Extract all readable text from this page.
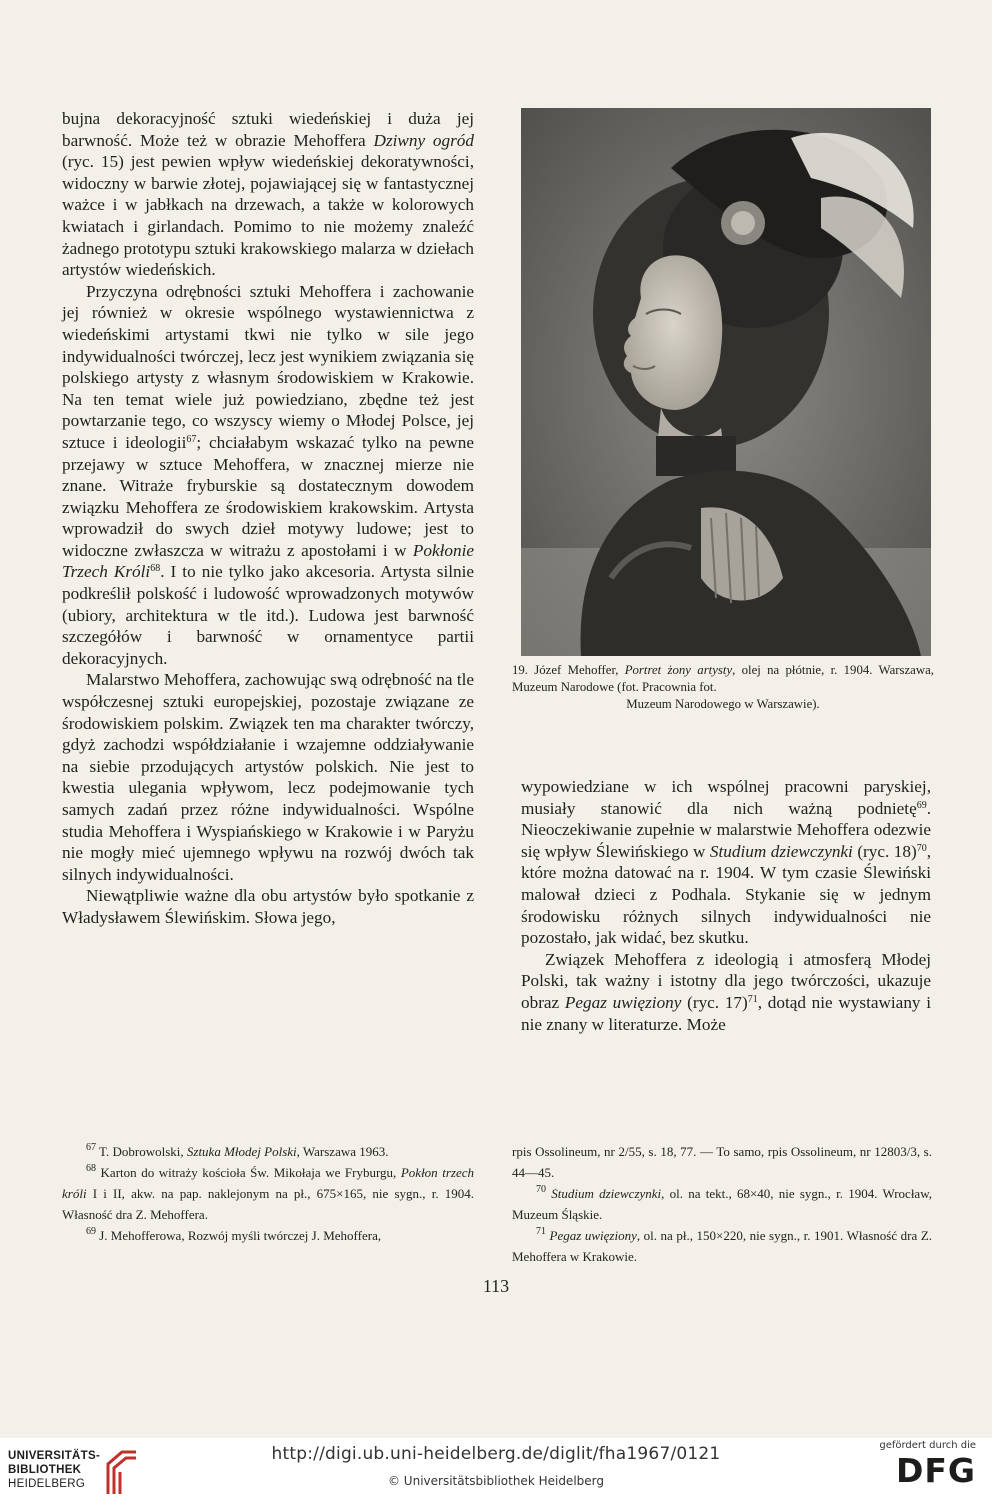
bujna dekoracyjność sztuki wiedeńskiej i duża jej barwność. Może też w obrazie Mehoffera Dziwny ogród (ryc. 15) jest pewien wpływ wiedeńskiej dekoratywności, widoczny w barwie złotej, pojawiającej się w fantastycznej ważce i w jabłkach na drzewach, a także w kolorowych kwiatach i girlandach. Pomimo to nie możemy znaleźć żadnego prototypu sztuki krakowskiego malarza w dziełach artystów wiedeńskich.

Przyczyna odrębności sztuki Mehoffera i zachowanie jej również w okresie wspólnego wystawiennictwa z wiedeńskimi artystami tkwi nie tylko w sile jego indywidualności twórczej, lecz jest wynikiem związania się polskiego artysty z własnym środowiskiem w Krakowie. Na ten temat wiele już powiedziano, zbędne też jest powtarzanie tego, co wszyscy wiemy o Młodej Polsce, jej sztuce i ideologii$^{67}$; chciałabym wskazać tylko na pewne przejawy w sztuce Mehoffera, w znacznej mierze nie znane. Witraże fryburskie są dostatecznym dowodem związku Mehoffera ze środowiskiem krakowskim. Artysta wprowadził do swych dzieł motywy ludowe; jest to widoczne zwłaszcza w witrażu z apostołami i w Pokłonie Trzech Króli$^{68}$. I to nie tylko jako akcesoria. Artysta silnie podkreślił polskość i ludowość wprowadzonych motywów (ubiory, architektura w tle itd.). Ludowa jest barwność szczegółów i barwność w ornamentyce partii dekoracyjnych.

Malarstwo Mehoffera, zachowując swą odrębność na tle współczesnej sztuki europejskiej, pozostaje związane ze środowiskiem polskim. Związek ten ma charakter twórczy, gdyż zachodzi współdziałanie i wzajemne oddziaływanie na siebie przodujących artystów polskich. Nie jest to kwestia ulegania wpływom, lecz podejmowanie tych samych zadań przez różne indywidualności. Wspólne studia Mehoffera i Wyspiańskiego w Krakowie i w Paryżu nie mogły mieć ujemnego wpływu na rozwój dwóch tak silnych indywidualności.

Niewątpliwie ważne dla obu artystów było spotkanie z Władysławem Ślewińskim. Słowa jego,

19. Józef Mehoffer, Portret żony artysty, olej na płótnie, r. 1904. Warszawa, Muzeum Narodowe (fot. Pracownia fot.
Muzeum Narodowego w Warszawie).

wypowiedziane w ich wspólnej pracowni paryskiej, musiały stanowić dla nich ważną podnietę$^{69}$. Nieoczekiwanie zupełnie w malarstwie Mehoffera odezwie się wpływ Ślewińskiego w Studium dziewczynki (ryc. 18)$^{70}$, które można datować na r. 1904. W tym czasie Ślewiński malował dzieci z Podhala. Stykanie się w jednym środowisku różnych silnych indywidualności nie pozostało, jak widać, bez skutku.

Związek Mehoffera z ideologią i atmosferą Młodej Polski, tak ważny i istotny dla jego twórczości, ukazuje obraz Pegaz uwięziony (ryc. 17)$^{71}$, dotąd nie wystawiany i nie znany w literaturze. Może

$^{67}$ T. Dobrowolski, Sztuka Młodej Polski, Warszawa 1963.

$^{68}$ Karton do witraży kościoła Św. Mikołaja we Fryburgu, Pokłon trzech króli I i II, akw. na pap. naklejonym na pł., 675×165, nie sygn., r. 1904. Własność dra Z. Mehoffera.

$^{69}$ J. Mehofferowa, Rozwój myśli twórczej J. Mehoffera,

rpis Ossolineum, nr 2/55, s. 18, 77. — To samo, rpis Ossolineum, nr 12803/3, s. 44—45.

$^{70}$ Studium dziewczynki, ol. na tekt., 68×40, nie sygn., r. 1904. Wrocław, Muzeum Śląskie.

$^{71}$ Pegaz uwięziony, ol. na pł., 150×220, nie sygn., r. 1901. Własność dra Z. Mehoffera w Krakowie.

113
UNIVERSITÄTS-
BIBLIOTHEK
HEIDELBERG
http://digi.ub.uni-heidelberg.de/diglit/fha1967/0121
© Universitätsbibliothek Heidelberg
gefördert durch die
DFG
